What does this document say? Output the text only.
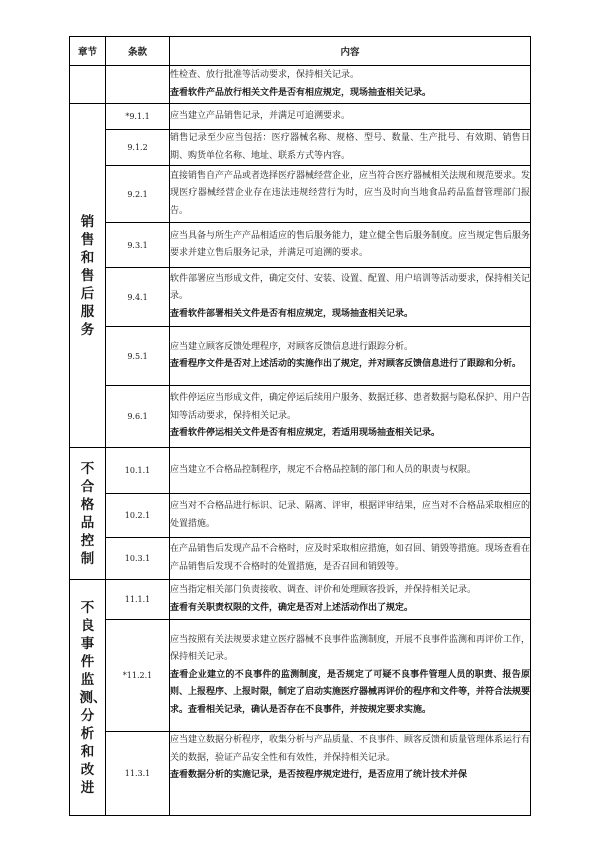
章节	条款	内容

		性检查、放行批准等活动要求，保持相关记录。

查看软件产品放行相关文件是否有相应规定，现场抽查相关记录。

销售和售后服务	*9.1.1	应当建立产品销售记录，并满足可追溯要求。

	9.1.2	销售记录至少应当包括：医疗器械名称、规格、型号、数量、生产批号、有效期、销售日期、购货单位名称、地址、联系方式等内容。

	9.2.1	直接销售自产产品或者选择医疗器械经营企业，应当符合医疗器械相关法规和规范要求。发现医疗器械经营企业存在违法违规经营行为时，应当及时向当地食品药品监督管理部门报告。

	9.3.1	应当具备与所生产产品相适应的售后服务能力，建立健全售后服务制度。应当规定售后服务要求并建立售后服务记录，并满足可追溯的要求。

	9.4.1	软件部署应当形成文件，确定交付、安装、设置、配置、用户培训等活动要求，保持相关记录。

查看软件部署相关文件是否有相应规定，现场抽查相关记录。

	9.5.1	应当建立顾客反馈处理程序，对顾客反馈信息进行跟踪分析。

查看程序文件是否对上述活动的实施作出了规定，并对顾客反馈信息进行了跟踪和分析。

	9.6.1	软件停运应当形成文件，确定停运后续用户服务、数据迁移、患者数据与隐私保护、用户告知等活动要求，保持相关记录。

查看软件停运相关文件是否有相应规定，若适用现场抽查相关记录。

不合格品控制	10.1.1	应当建立不合格品控制程序，规定不合格品控制的部门和人员的职责与权限。

	10.2.1	应当对不合格品进行标识、记录、隔离、评审，根据评审结果，应当对不合格品采取相应的处置措施。

	10.3.1	在产品销售后发现产品不合格时，应及时采取相应措施，如召回、销毁等措施。现场查看在产品销售后发现不合格时的处置措施，是否召回和销毁等。

不良事件监测、分析和改进	11.1.1	应当指定相关部门负责接收、调查、评价和处理顾客投诉，并保持相关记录。

查看有关职责权限的文件，确定是否对上述活动作出了规定。

	*11.2.1	应当按照有关法规要求建立医疗器械不良事件监测制度，开展不良事件监测和再评价工作，保持相关记录。

查看企业建立的不良事件的监测制度，是否规定了可疑不良事件管理人员的职责、报告原则、上报程序、上报时限，制定了启动实施医疗器械再评价的程序和文件等，并符合法规要求。查看相关记录，确认是否存在不良事件，并按规定要求实施。

	11.3.1	应当建立数据分析程序，收集分析与产品质量、不良事件、顾客反馈和质量管理体系运行有关的数据，验证产品安全性和有效性，并保持相关记录。

查看数据分析的实施记录，是否按程序规定进行，是否应用了统计技术并保
